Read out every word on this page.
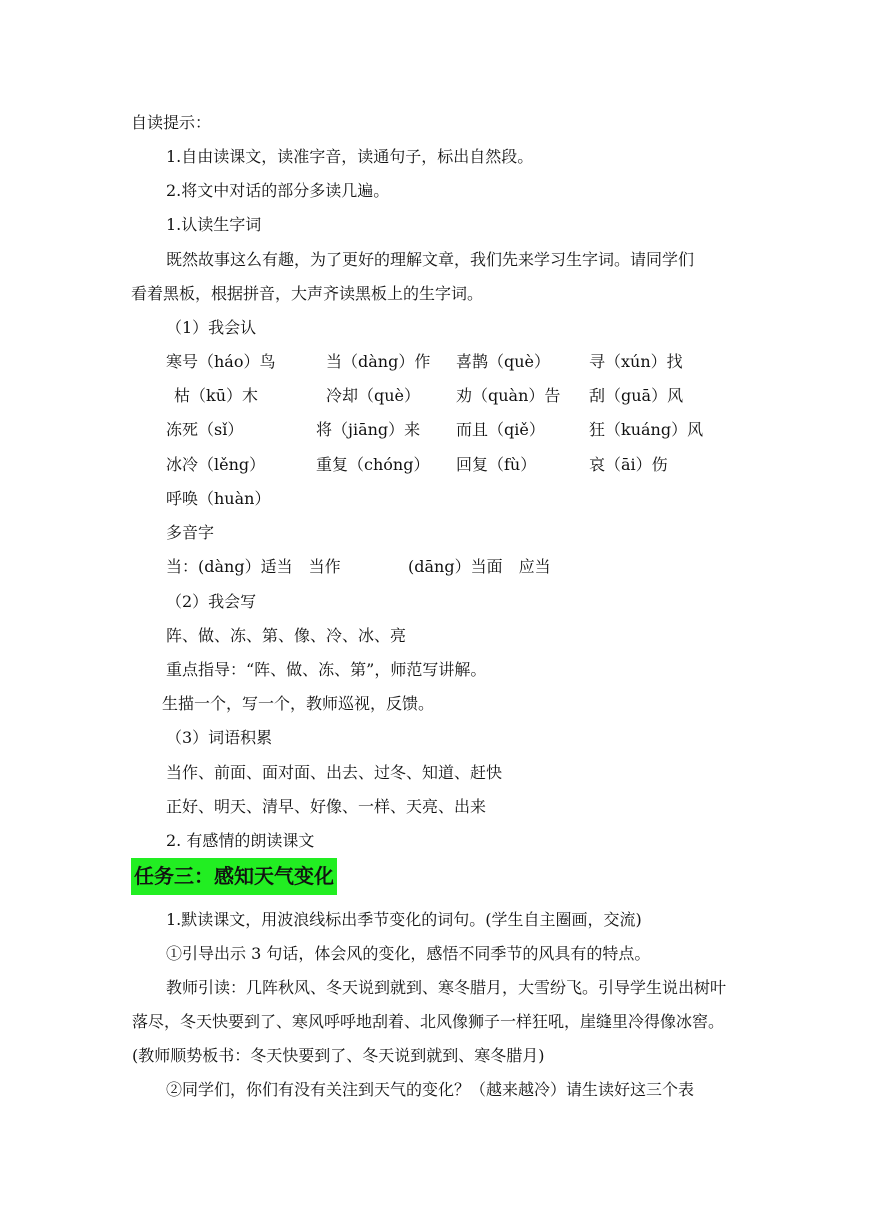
自读提示：
1.自由读课文，读准字音，读通句子，标出自然段。
2.将文中对话的部分多读几遍。
1.认读生字词
既然故事这么有趣，为了更好的理解文章，我们先来学习生字词。请同学们
看着黑板，根据拼音，大声齐读黑板上的生字词。
（1）我会认
寒号（háo）鸟	当（dàng）作 喜鹊（què） 寻（xún）找
枯（kū）木	冷却（què） 劝（quàn）告 刮（guā）风
冻死（sǐ）	将（jiāng）来 而且（qiě）	狂（kuáng）风
冰冷（lěng）	重复（chóng） 回复（fù）	哀（āi）伤
呼唤（huàn）
多音字
当：(dàng）适当　当作	(dāng）当面　应当
（2）我会写
阵、做、冻、第、像、冷、冰、亮
重点指导：“阵、做、冻、第”，师范写讲解。
生描一个，写一个，教师巡视，反馈。
（3）词语积累
当作、前面、面对面、出去、过冬、知道、赶快
正好、明天、清早、好像、一样、天亮、出来
2. 有感情的朗读课文
任务三：感知天气变化
1.默读课文，用波浪线标出季节变化的词句。(学生自主圈画，交流)
①引导出示 3 句话，体会风的变化，感悟不同季节的风具有的特点。
教师引读：几阵秋风、冬天说到就到、寒冬腊月，大雪纷飞。引导学生说出树叶落尽，冬天快要到了、寒风呼呼地刮着、北风像狮子一样狂吼，崖缝里冷得像冰窖。(教师顺势板书：冬天快要到了、冬天说到就到、寒冬腊月)
②同学们，你们有没有关注到天气的变化？（越来越冷）请生读好这三个表
